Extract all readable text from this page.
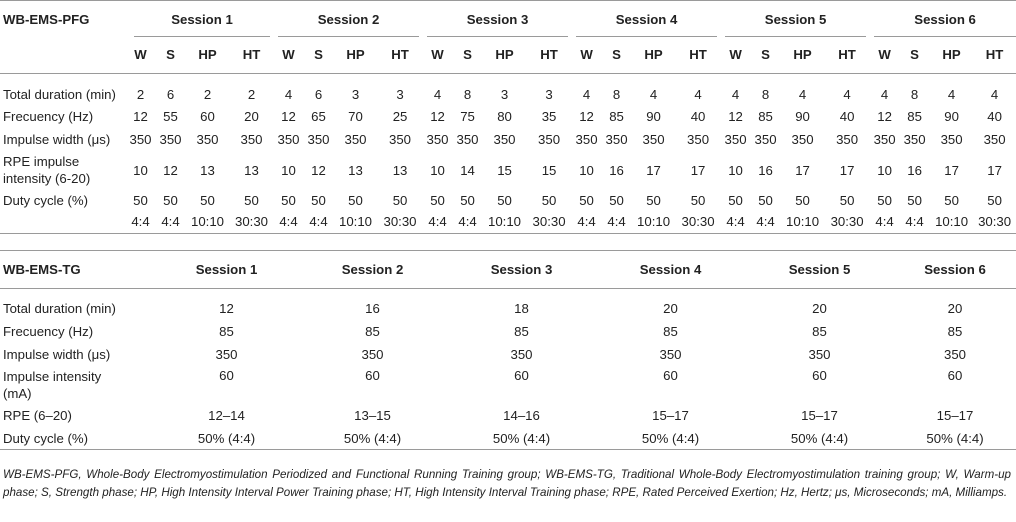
WB-EMS-PFG	Session 1				Session 2				Session 3				Session 4				Session 5				Session 6			

	W	S	HP	HT	W	S	HP	HT	W	S	HP	HT	W	S	HP	HT	W	S	HP	HT	W	S	HP	HT

Total duration (min)	2	6	2	2	4	6	3	3	4	8	3	3	4	8	4	4	4	8	4	4	4	8	4	4
Frecuency (Hz)	12	55	60	20	12	65	70	25	12	75	80	35	12	85	90	40	12	85	90	40	12	85	90	40
Impulse width (μs)	350	350	350	350	350	350	350	350	350	350	350	350	350	350	350	350	350	350	350	350	350	350	350	350

RPE impulse
intensity (6-20)	10	12	13	13	10	12	13	13	10	14	15	15	10	16	17	17	10	16	17	17	10	16	17	17
Duty cycle (%)	50	50	50	50	50	50	50	50	50	50	50	50	50	50	50	50	50	50	50	50	50	50	50	50
	4:4	4:4	10:10	30:30	4:4	4:4	10:10	30:30	4:4	4:4	10:10	30:30	4:4	4:4	10:10	30:30	4:4	4:4	10:10	30:30	4:4	4:4	10:10	30:30
WB-EMS-TG	Session 1	Session 2	Session 3	Session 4	Session 5	Session 6

Total duration (min)	12	16	18	20	20	20
Frecuency (Hz)	85	85	85	85	85	85
Impulse width (μs)	350	350	350	350	350	350

Impulse intensity
(mA)	60	60	60	60	60	60
RPE (6–20)	12–14	13–15	14–16	15–17	15–17	15–17
Duty cycle (%)	50% (4:4)	50% (4:4)	50% (4:4)	50% (4:4)	50% (4:4)	50% (4:4)
WB-EMS-PFG, Whole-Body Electromyostimulation Periodized and Functional Running Training group; WB-EMS-TG, Traditional Whole-Body Electromyostimulation training group; W, Warm-up phase; S, Strength phase; HP, High Intensity Interval Power Training phase; HT, High Intensity Interval Training phase; RPE, Rated Perceived Exertion; Hz, Hertz; μs, Microseconds; mA, Milliamps.
